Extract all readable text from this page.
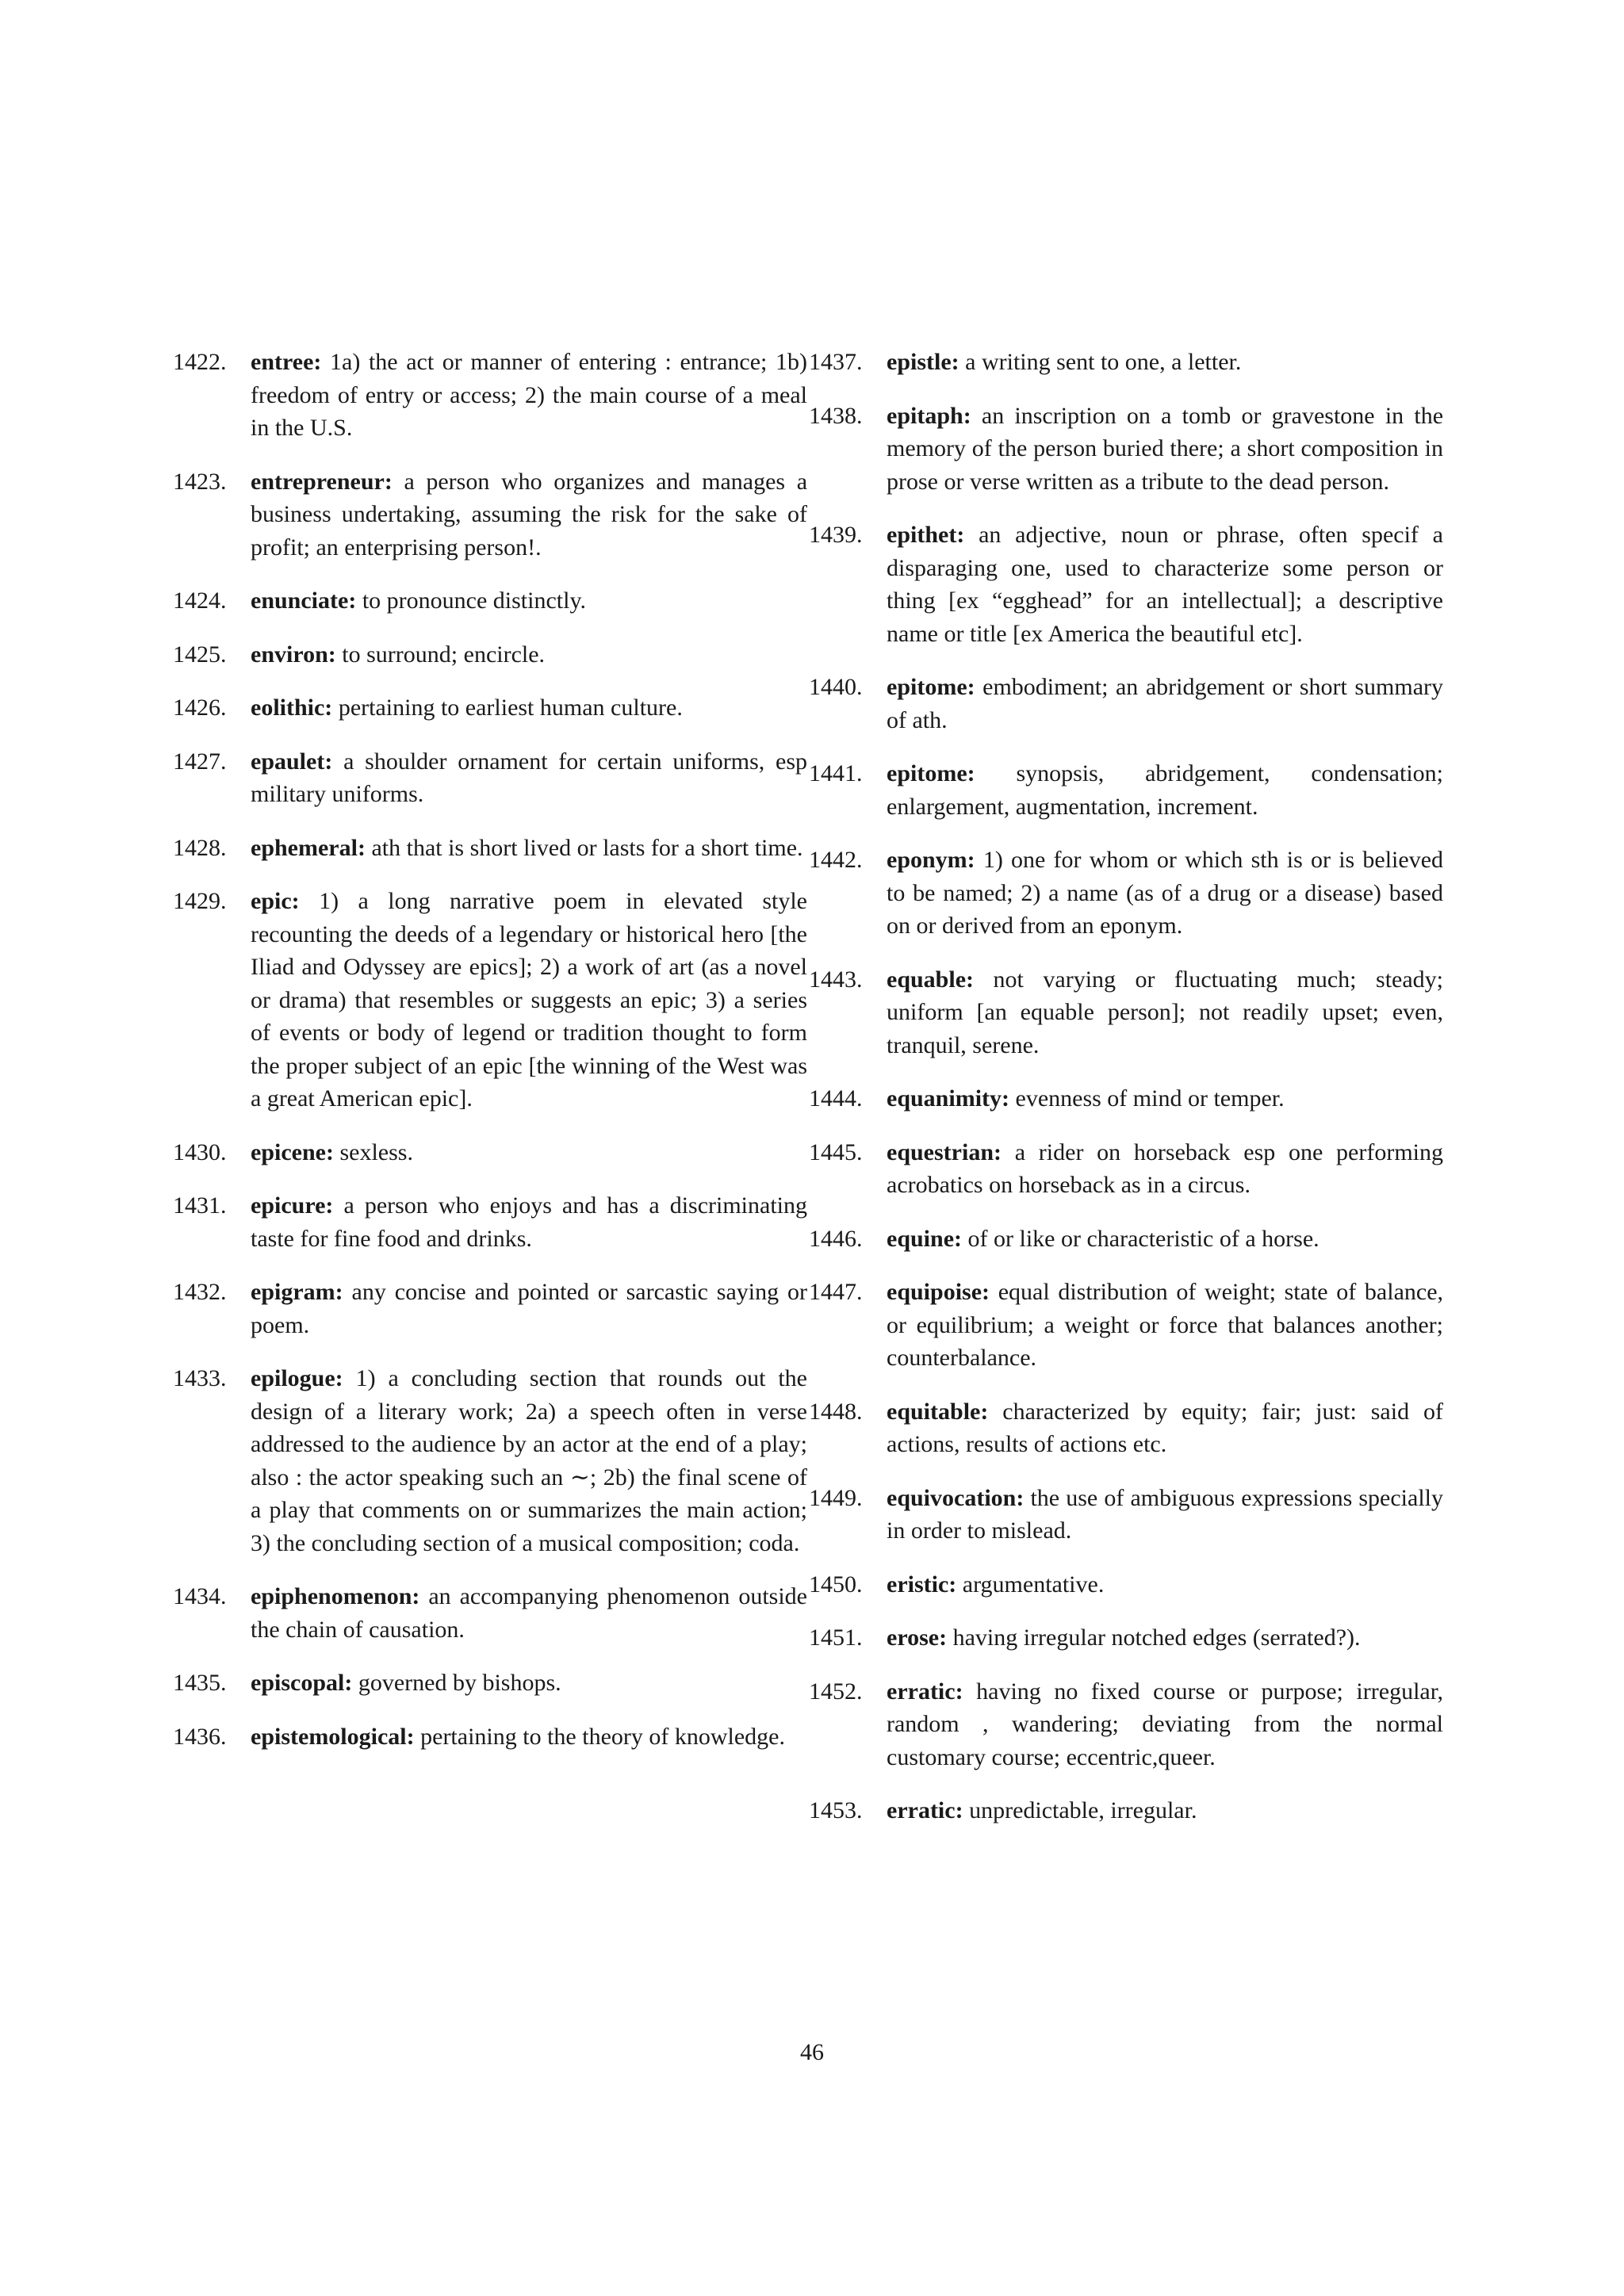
1422.	entree: 1a) the act or manner of entering : entrance; 1b) freedom of entry or access; 2) the main course of a meal in the U.S.
1423.	entrepreneur: a person who organizes and manages a business undertaking, assuming the risk for the sake of profit; an enterprising person!.
1424.	enunciate: to pronounce distinctly.
1425.	environ: to surround; encircle.
1426.	eolithic: pertaining to earliest human culture.
1427.	epaulet: a shoulder ornament for certain uniforms, esp military uniforms.
1428.	ephemeral: ath that is short lived or lasts for a short time.
1429.	epic: 1) a long narrative poem in elevated style recounting the deeds of a legendary or historical hero [the Iliad and Odyssey are epics]; 2) a work of art (as a novel or drama) that resembles or suggests an epic; 3) a series of events or body of legend or tradition thought to form the proper subject of an epic [the winning of the West was a great American epic].
1430.	epicene: sexless.
1431.	epicure: a person who enjoys and has a discriminating taste for fine food and drinks.
1432.	epigram: any concise and pointed or sarcastic saying or poem.
1433.	epilogue: 1) a concluding section that rounds out the design of a literary work; 2a) a speech often in verse addressed to the audience by an actor at the end of a play; also : the actor speaking such an ∼; 2b) the final scene of a play that comments on or summarizes the main action; 3) the concluding section of a musical composition; coda.
1434.	epiphenomenon: an accompanying phenomenon outside the chain of causation.
1435.	episcopal: governed by bishops.
1436.	epistemological: pertaining to the theory of knowledge.
1437.	epistle: a writing sent to one, a letter.
1438.	epitaph: an inscription on a tomb or gravestone in the memory of the person buried there; a short composition in prose or verse written as a tribute to the dead person.
1439.	epithet: an adjective, noun or phrase, often specif a disparaging one, used to characterize some person or thing [ex “egghead” for an intellectual]; a descriptive name or title [ex America the beautiful etc].
1440.	epitome: embodiment; an abridgement or short summary of ath.
1441.	epitome: synopsis, abridgement, condensation; enlargement, augmentation, increment.
1442.	eponym: 1) one for whom or which sth is or is believed to be named; 2) a name (as of a drug or a disease) based on or derived from an eponym.
1443.	equable: not varying or fluctuating much; steady; uniform [an equable person]; not readily upset; even, tranquil, serene.
1444.	equanimity: evenness of mind or temper.
1445.	equestrian: a rider on horseback esp one performing acrobatics on horseback as in a circus.
1446.	equine: of or like or characteristic of a horse.
1447.	equipoise: equal distribution of weight; state of balance, or equilibrium; a weight or force that balances another; counterbalance.
1448.	equitable: characterized by equity; fair; just: said of actions, results of actions etc.
1449.	equivocation: the use of ambiguous expressions specially in order to mislead.
1450.	eristic: argumentative.
1451.	erose: having irregular notched edges (serrated?).
1452.	erratic: having no fixed course or purpose; irregular, random , wandering; deviating from the normal customary course; eccentric,queer.
1453.	erratic: unpredictable, irregular.
46
